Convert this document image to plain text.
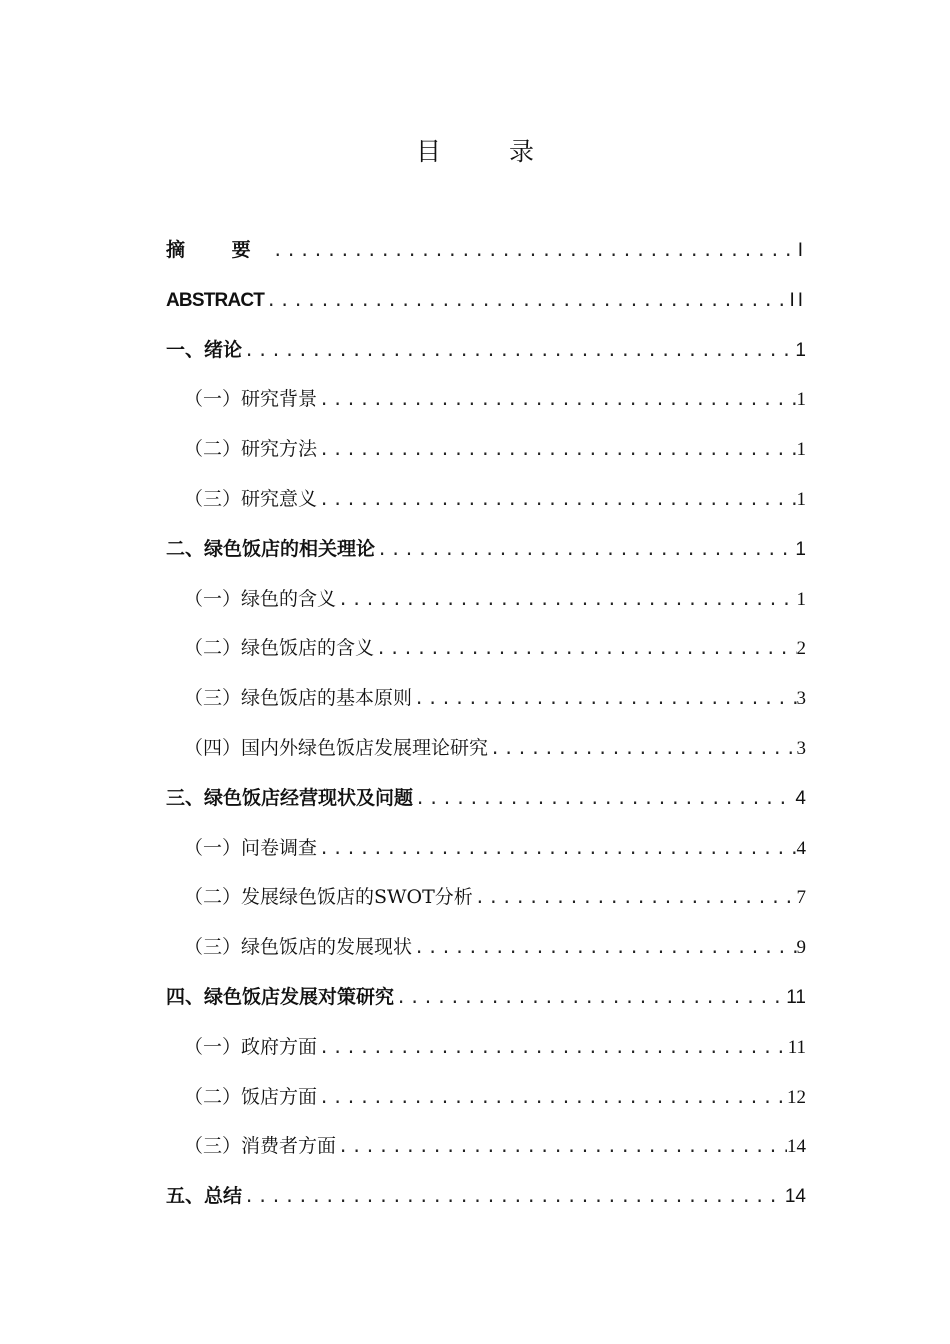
目 录
摘 要 .....	I
ABSTRACT .....	II
一、绪论 .....	1
（一）研究背景 .....	1
（二）研究方法 .....	1
（三）研究意义 .....	1
二、绿色饭店的相关理论 .....	1
（一）绿色的含义 .....	1
（二）绿色饭店的含义 .....	2
（三）绿色饭店的基本原则 .....	3
（四）国内外绿色饭店发展理论研究 .....	3
三、绿色饭店经营现状及问题 .....	4
（一）问卷调查 .....	4
（二）发展绿色饭店的SWOT分析 .....	7
（三）绿色饭店的发展现状 .....	9
四、绿色饭店发展对策研究 .....	11
（一）政府方面 .....	11
（二）饭店方面 .....	12
（三）消费者方面 .....	14
五、总结 .....	14
